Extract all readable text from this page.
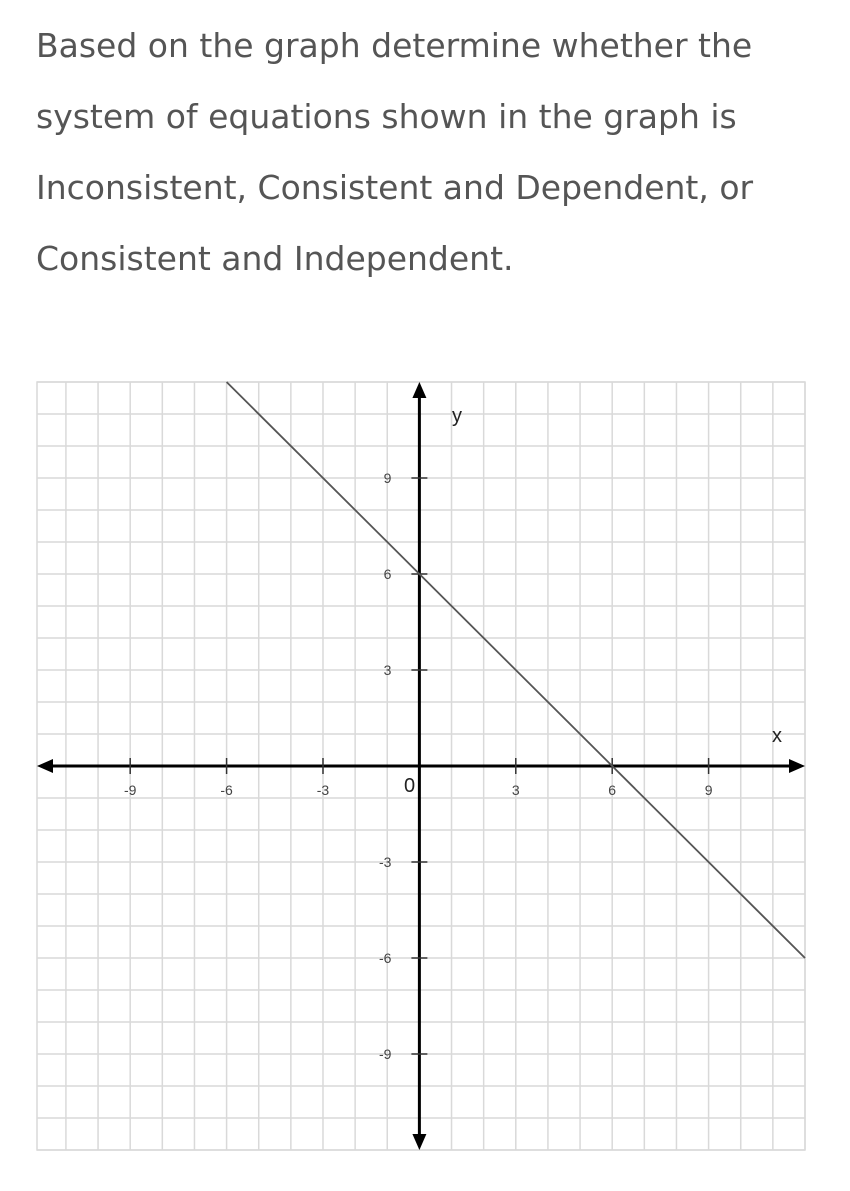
Based on the graph determine whether the
system of equations shown in the graph is
Inconsistent, Consistent and Dependent, or
Consistent and Independent.

-9	-6	-3	3	6	9
9
6
3
-3
-6
-9
x
y
0
